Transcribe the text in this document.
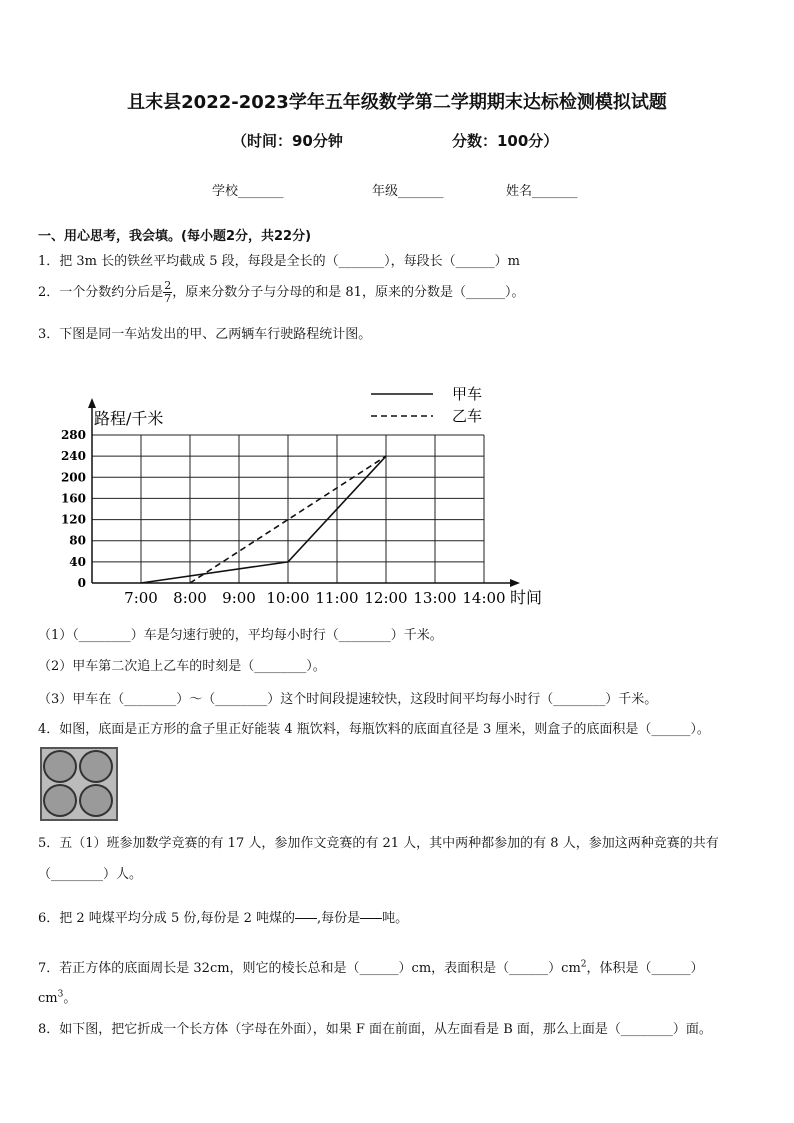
且末县2022-2023学年五年级数学第二学期期末达标检测模拟试题
（时间：90分钟	分数：100分）
学校_______	年级_______	姓名_______
一、用心思考，我会填。(每小题2分，共22分)
1．把 3m 长的铁丝平均截成 5 段，每段是全长的（_______），每段长（______）m
2．一个分数约分后是 $\frac{2}{7}$ ，原来分数分子与分母的和是 81，原来的分数是（______）。
3．下图是同一车站发出的甲、乙两辆车行驶路程统计图。
0
40
80
120
160
200
240
280
7:00 8:00 9:00 10:00 11:00 12:00 13:00 14:00
甲车
乙车
路程/千米
时间
（1）（________）车是匀速行驶的，平均每小时行（________）千米。
（2）甲车第二次追上乙车的时刻是（________）。
（3）甲车在（________）～（________）这个时间段提速较快，这段时间平均每小时行（________）千米。
4．如图，底面是正方形的盒子里正好能装 4 瓶饮料，每瓶饮料的底面直径是 3 厘米，则盒子的底面积是（______）。
5．五（1）班参加数学竞赛的有 17 人，参加作文竞赛的有 21 人，其中两种都参加的有 8 人，参加这两种竞赛的共有
（________）人。
6．把 2 吨煤平均分成 5 份,每份是 2 吨煤的 ,每份是 吨。
7．若正方体的底面周长是 32cm，则它的棱长总和是（______）cm，表面积是$(\_\_\_\_\_\_)cm^2$，体积是（______）
$cm^3$。
8．如下图，把它折成一个长方体（字母在外面），如果 F 面在前面，从左面看是 B 面，那么上面是（________）面。
